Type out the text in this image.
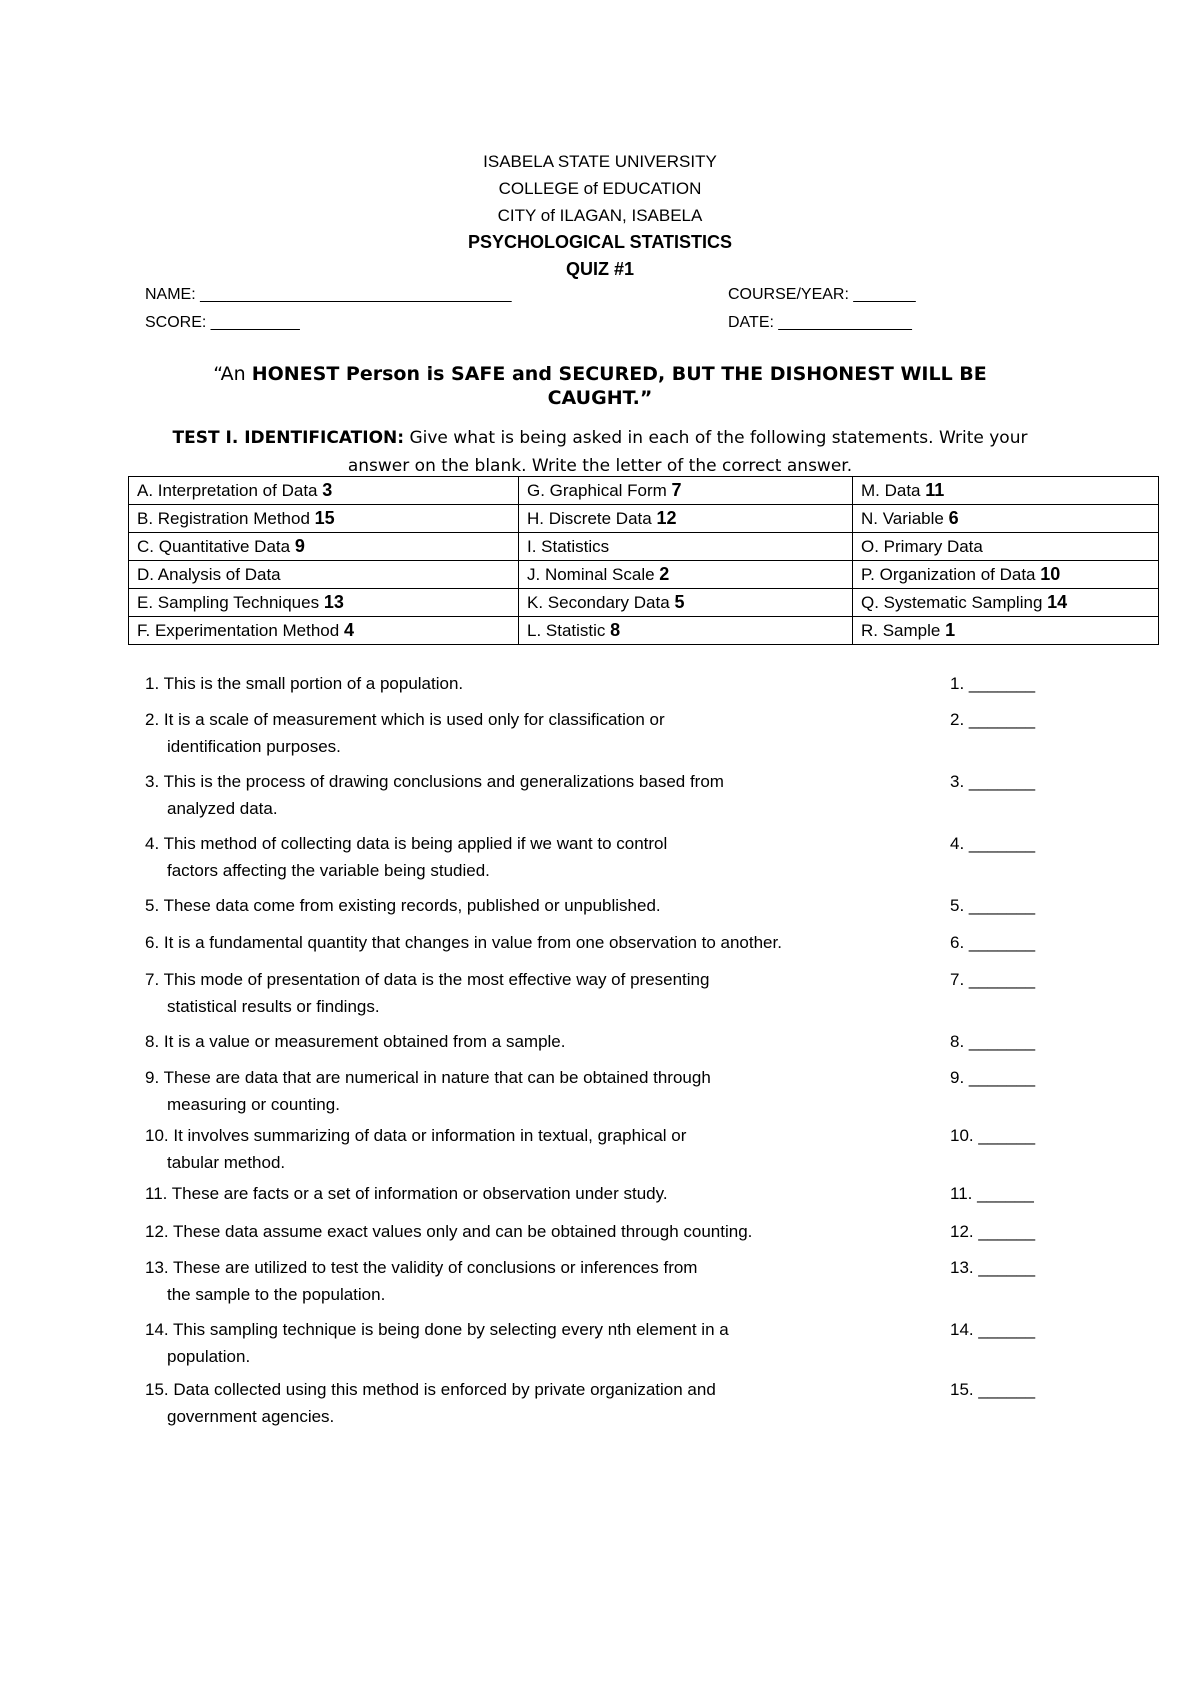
ISABELA STATE UNIVERSITY
COLLEGE of EDUCATION
CITY of ILAGAN, ISABELA
PSYCHOLOGICAL STATISTICS
QUIZ #1
NAME: ___________________________________	COURSE/YEAR: _______
SCORE: __________	DATE: _______________
“An HONEST Person is SAFE and SECURED, BUT THE DISHONEST WILL BE
CAUGHT.”
TEST I. IDENTIFICATION: Give what is being asked in each of the following statements. Write your
answer on the blank. Write the letter of the correct answer.
A. Interpretation of Data 3	G. Graphical Form 7	M. Data 11
B. Registration Method 15	H. Discrete Data 12	N. Variable 6
C. Quantitative Data 9	I. Statistics	O. Primary Data
D. Analysis of Data	J. Nominal Scale 2	P. Organization of Data 10
E. Sampling Techniques 13	K. Secondary Data 5	Q. Systematic Sampling 14
F. Experimentation Method 4	L. Statistic 8	R. Sample 1
1. This is the small portion of a population.	1. _______
2. It is a scale of measurement which is used only for classification or
identification purposes.
2. _______
3. This is the process of drawing conclusions and generalizations based from
analyzed data.
3. _______
4. This method of collecting data is being applied if we want to control
factors affecting the variable being studied.
4. _______
5. These data come from existing records, published or unpublished.	5. _______
6. It is a fundamental quantity that changes in value from one observation to another.	6. _______
7. This mode of presentation of data is the most effective way of presenting
statistical results or findings.
7. _______
8. It is a value or measurement obtained from a sample.	8. _______
9. These are data that are numerical in nature that can be obtained through
measuring or counting.
9. _______
10. It involves summarizing of data or information in textual, graphical or
tabular method.
10. ______
11. These are facts or a set of information or observation under study.	11. ______
12. These data assume exact values only and can be obtained through counting.	12. ______
13. These are utilized to test the validity of conclusions or inferences from
the sample to the population.
13. ______
14. This sampling technique is being done by selecting every nth element in a
population.
14. ______
15. Data collected using this method is enforced by private organization and
government agencies.
15. ______
